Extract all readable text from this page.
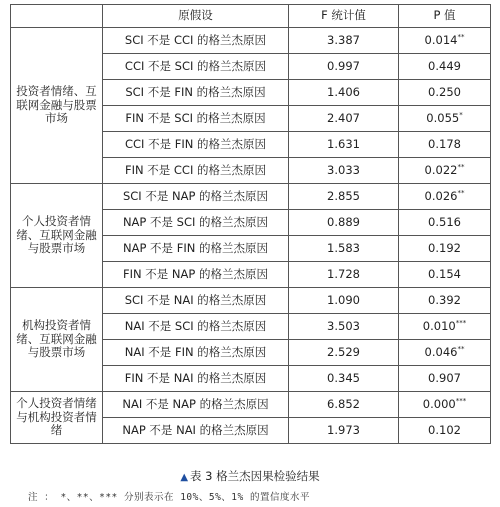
	原假设	F 统计值	P 值
投资者情绪、互联网金融与股票市场	SCI 不是 CCI 的格兰杰原因	3.387	0.014**
	CCI 不是 SCI 的格兰杰原因	0.997	0.449
	SCI 不是 FIN 的格兰杰原因	1.406	0.250
	FIN 不是 SCI 的格兰杰原因	2.407	0.055*
	CCI 不是 FIN 的格兰杰原因	1.631	0.178
	FIN 不是 CCI 的格兰杰原因	3.033	0.022**
个人投资者情绪、互联网金融与股票市场	SCI 不是 NAP 的格兰杰原因	2.855	0.026**
	NAP 不是 SCI 的格兰杰原因	0.889	0.516
	NAP 不是 FIN 的格兰杰原因	1.583	0.192
	FIN 不是 NAP 的格兰杰原因	1.728	0.154
机构投资者情绪、互联网金融与股票市场	SCI 不是 NAI 的格兰杰原因	1.090	0.392
	NAI 不是 SCI 的格兰杰原因	3.503	0.010***
	NAI 不是 FIN 的格兰杰原因	2.529	0.046**
	FIN 不是 NAI 的格兰杰原因	0.345	0.907
个人投资者情绪与机构投资者情绪	NAI 不是 NAP 的格兰杰原因	6.852	0.000***
	NAP 不是 NAI 的格兰杰原因	1.973	0.102
▲ 表 3 格兰杰因果检验结果
注 ： *、**、*** 分别表示在 10%、5%、1% 的置信度水平
